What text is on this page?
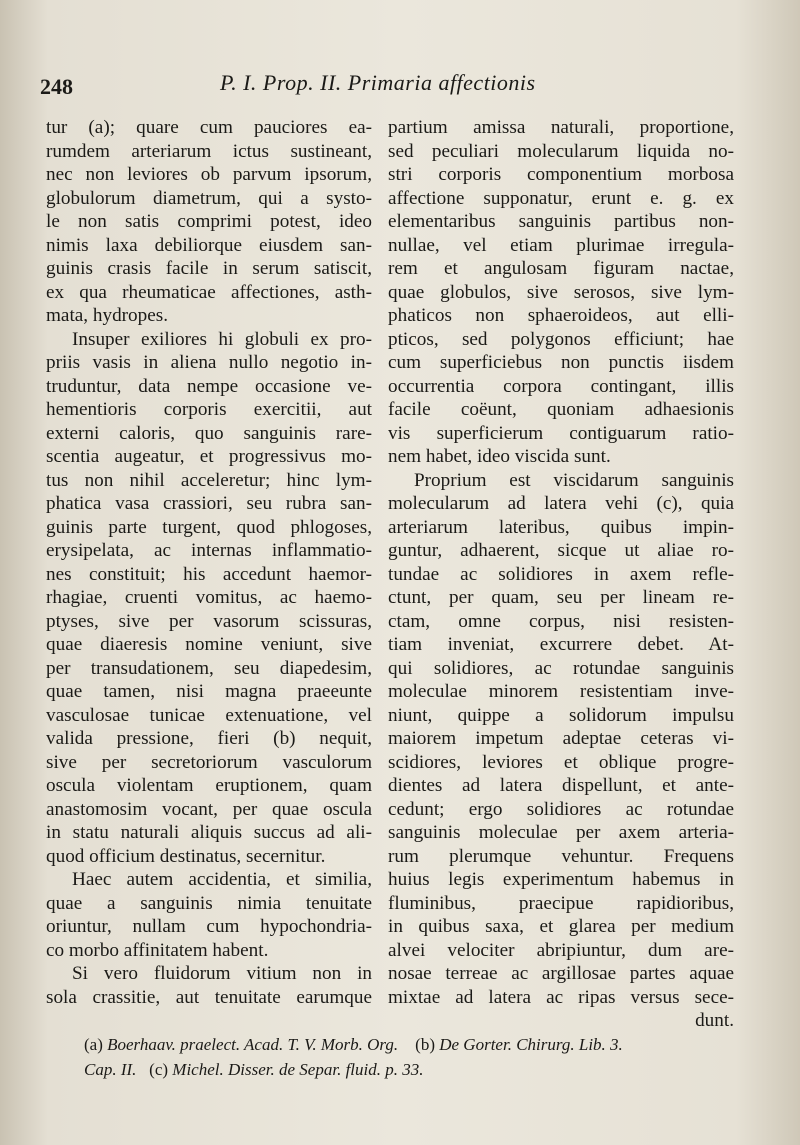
248	P. I. Prop. II. Primaria affectionis
tur (a); quare cum pauciores ea-
rumdem arteriarum ictus sustineant,
nec non leviores ob parvum ipsorum,
globulorum diametrum, qui a systo-
le non satis comprimi potest, ideo
nimis laxa debiliorque eiusdem san-
guinis crasis facile in serum satiscit,
ex qua rheumaticae affectiones, asth-
mata, hydropes.
Insuper exiliores hi globuli ex pro-
priis vasis in aliena nullo negotio in-
truduntur, data nempe occasione ve-
hementioris corporis exercitii, aut
externi caloris, quo sanguinis rare-
scentia augeatur, et progressivus mo-
tus non nihil acceleretur; hinc lym-
phatica vasa crassiori, seu rubra san-
guinis parte turgent, quod phlogoses,
erysipelata, ac internas inflammatio-
nes constituit; his accedunt haemor-
rhagiae, cruenti vomitus, ac haemo-
ptyses, sive per vasorum scissuras,
quae diaeresis nomine veniunt, sive
per transudationem, seu diapedesim,
quae tamen, nisi magna praeeunte
vasculosae tunicae extenuatione, vel
valida pressione, fieri (b) nequit,
sive per secretoriorum vasculorum
oscula violentam eruptionem, quam
anastomosim vocant, per quae oscula
in statu naturali aliquis succus ad ali-
quod officium destinatus, secernitur.
Haec autem accidentia, et similia,
quae a sanguinis nimia tenuitate
oriuntur, nullam cum hypochondria-
co morbo affinitatem habent.
Si vero fluidorum vitium non in
sola crassitie, aut tenuitate earumque
partium amissa naturali, proportione,
sed peculiari molecularum liquida no-
stri corporis componentium morbosa
affectione supponatur, erunt e. g. ex
elementaribus sanguinis partibus non-
nullae, vel etiam plurimae irregula-
rem et angulosam figuram nactae,
quae globulos, sive serosos, sive lym-
phaticos non sphaeroideos, aut elli-
pticos, sed polygonos efficiunt; hae
cum superficiebus non punctis iisdem
occurrentia corpora contingant, illis
facile coëunt, quoniam adhaesionis
vis superficierum contiguarum ratio-
nem habet, ideo viscida sunt.
Proprium est viscidarum sanguinis
molecularum ad latera vehi (c), quia
arteriarum lateribus, quibus impin-
guntur, adhaerent, sicque ut aliae ro-
tundae ac solidiores in axem refle-
ctunt, per quam, seu per lineam re-
ctam, omne corpus, nisi resisten-
tiam inveniat, excurrere debet. At-
qui solidiores, ac rotundae sanguinis
moleculae minorem resistentiam inve-
niunt, quippe a solidorum impulsu
maiorem impetum adeptae ceteras vi-
scidiores, leviores et oblique progre-
dientes ad latera dispellunt, et ante-
cedunt; ergo solidiores ac rotundae
sanguinis moleculae per axem arteria-
rum plerumque vehuntur. Frequens
huius legis experimentum habemus in
fluminibus, praecipue rapidioribus,
in quibus saxa, et glarea per medium
alvei velociter abripiuntur, dum are-
nosae terreae ac argillosae partes aquae
mixtae ad latera ac ripas versus sece-
dunt.
(a) Boerhaav. praelect. Acad. T. V. Morb. Org. (b) De Gorter. Chirurg. Lib. 3.
Cap. II. (c) Michel. Disser. de Separ. fluid. p. 33.
